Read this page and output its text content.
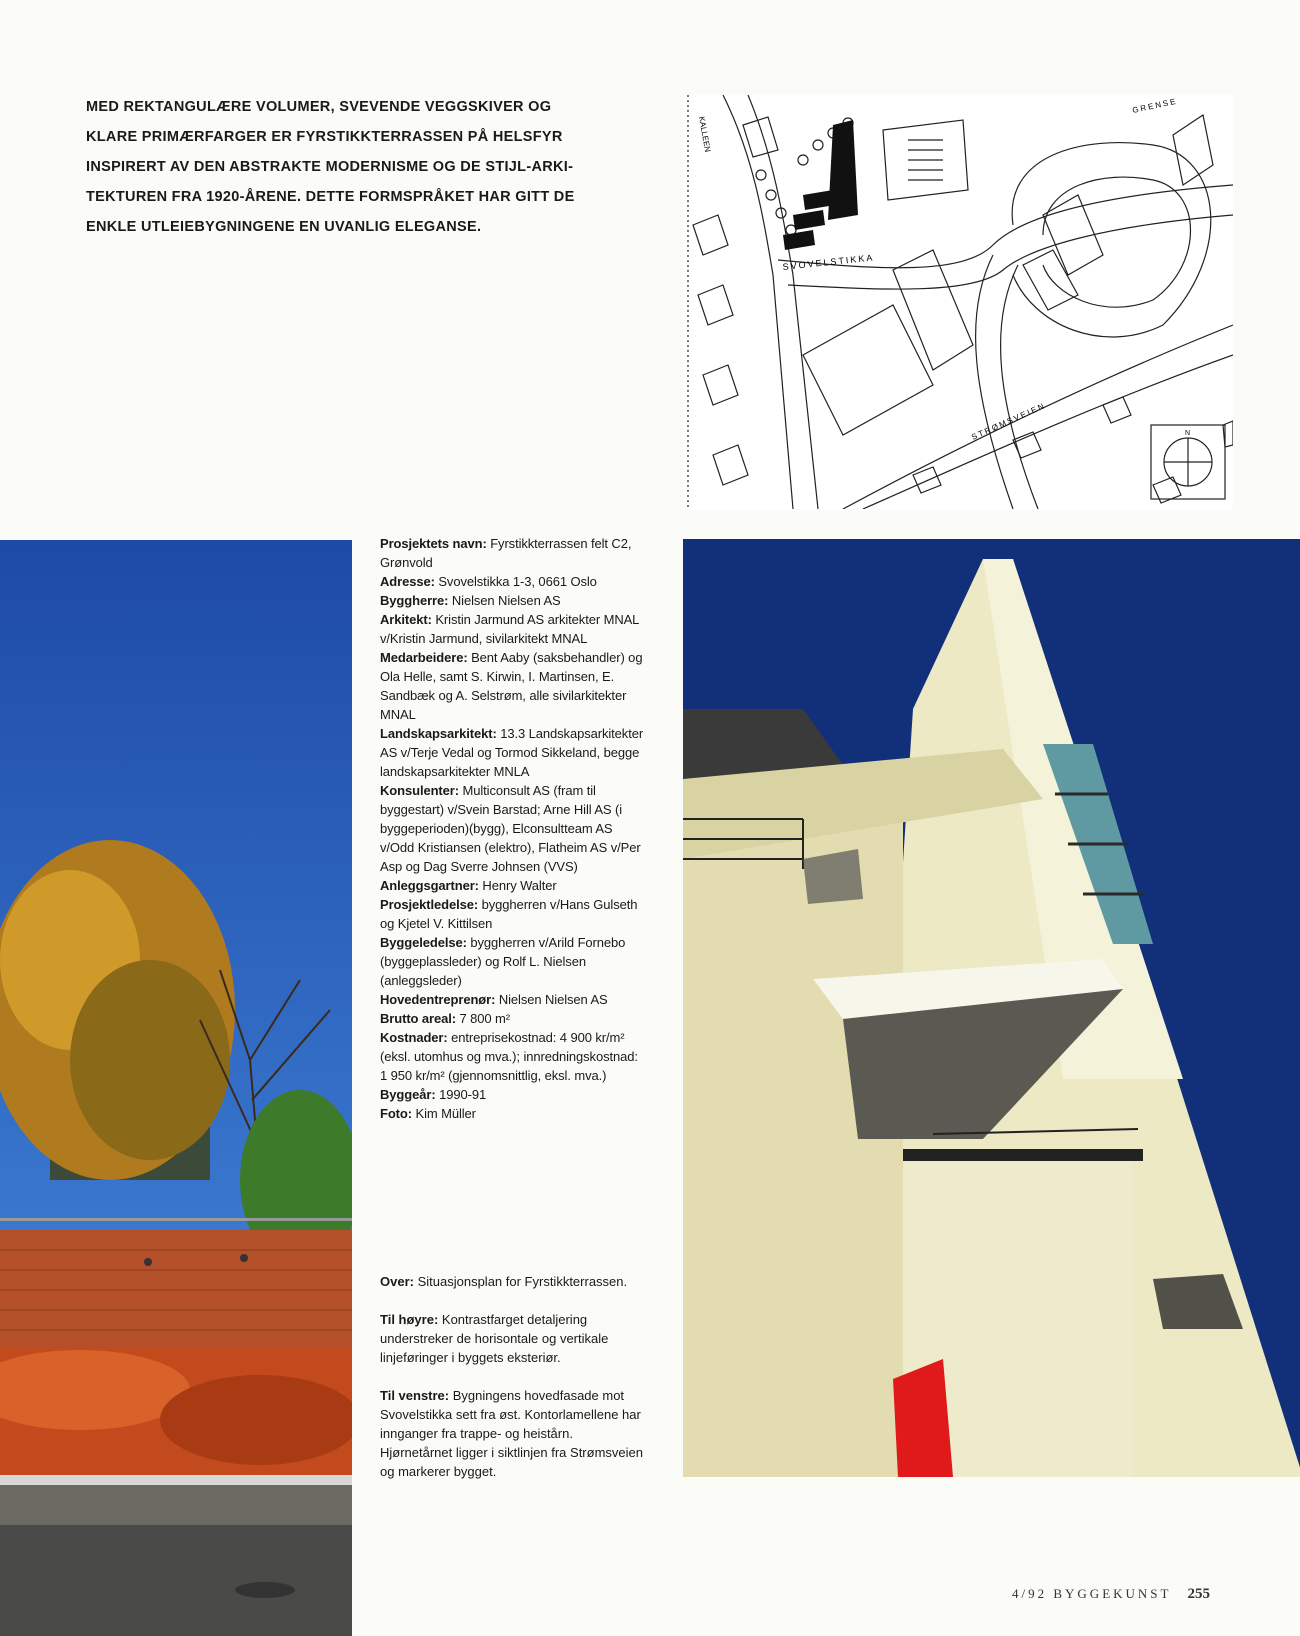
MED REKTANGULÆRE VOLUMER, SVEVENDE VEGGSKIVER OG
KLARE PRIMÆRFARGER ER FYRSTIKKTERRASSEN PÅ HELSFYR
INSPIRERT AV DEN ABSTRAKTE MODERNISME OG DE STIJL-ARKI-
TEKTUREN FRA 1920-ÅRENE. DETTE FORMSPRÅKET HAR GITT DE
ENKLE UTLEIEBYGNINGENE EN UVANLIG ELEGANSE.

KALLEEN
SVOVELSTIKKA
STRØMSVEIEN
GRENSE
N

Prosjektets navn: Fyrstikkterrassen felt C2, Grønvold

Adresse: Svovelstikka 1-3, 0661 Oslo

Byggherre: Nielsen Nielsen AS

Arkitekt: Kristin Jarmund AS arkitekter MNAL v/Kristin Jarmund, sivilarkitekt MNAL

Medarbeidere: Bent Aaby (saksbehandler) og Ola Helle, samt S. Kirwin, I. Martinsen, E. Sandbæk og A. Selstrøm, alle sivilarkitekter MNAL

Landskapsarkitekt: 13.3 Landskapsarkitekter AS v/Terje Vedal og Tormod Sikkeland, begge landskapsarkitekter MNLA

Konsulenter: Multiconsult AS (fram til byggestart) v/Svein Barstad; Arne Hill AS (i byggeperioden)(bygg), Elconsultteam AS v/Odd Kristiansen (elektro), Flatheim AS v/Per Asp og Dag Sverre Johnsen (VVS)

Anleggsgartner: Henry Walter

Prosjektledelse: byggherren v/Hans Gulseth og Kjetel V. Kittilsen

Byggeledelse: byggherren v/Arild Fornebo (byggeplassleder) og Rolf L. Nielsen (anleggsleder)

Hovedentreprenør: Nielsen Nielsen AS

Brutto areal: 7 800 m²

Kostnader: entreprisekostnad: 4 900 kr/m² (eksl. utomhus og mva.); innredningskostnad: 1 950 kr/m² (gjennomsnittlig, eksl. mva.)

Byggeår: 1990-91

Foto: Kim Müller

Over: Situasjonsplan for Fyrstikkterrassen.

Til høyre: Kontrastfarget detaljering understreker de horisontale og vertikale linjeføringer i byggets eksteriør.

Til venstre: Bygningens hovedfasade mot Svovelstikka sett fra øst. Kontorlamellene har innganger fra trappe- og heistårn. Hjørnetårnet ligger i siktlinjen fra Strømsveien og markerer bygget.

4/92 BYGGEKUNST 255
